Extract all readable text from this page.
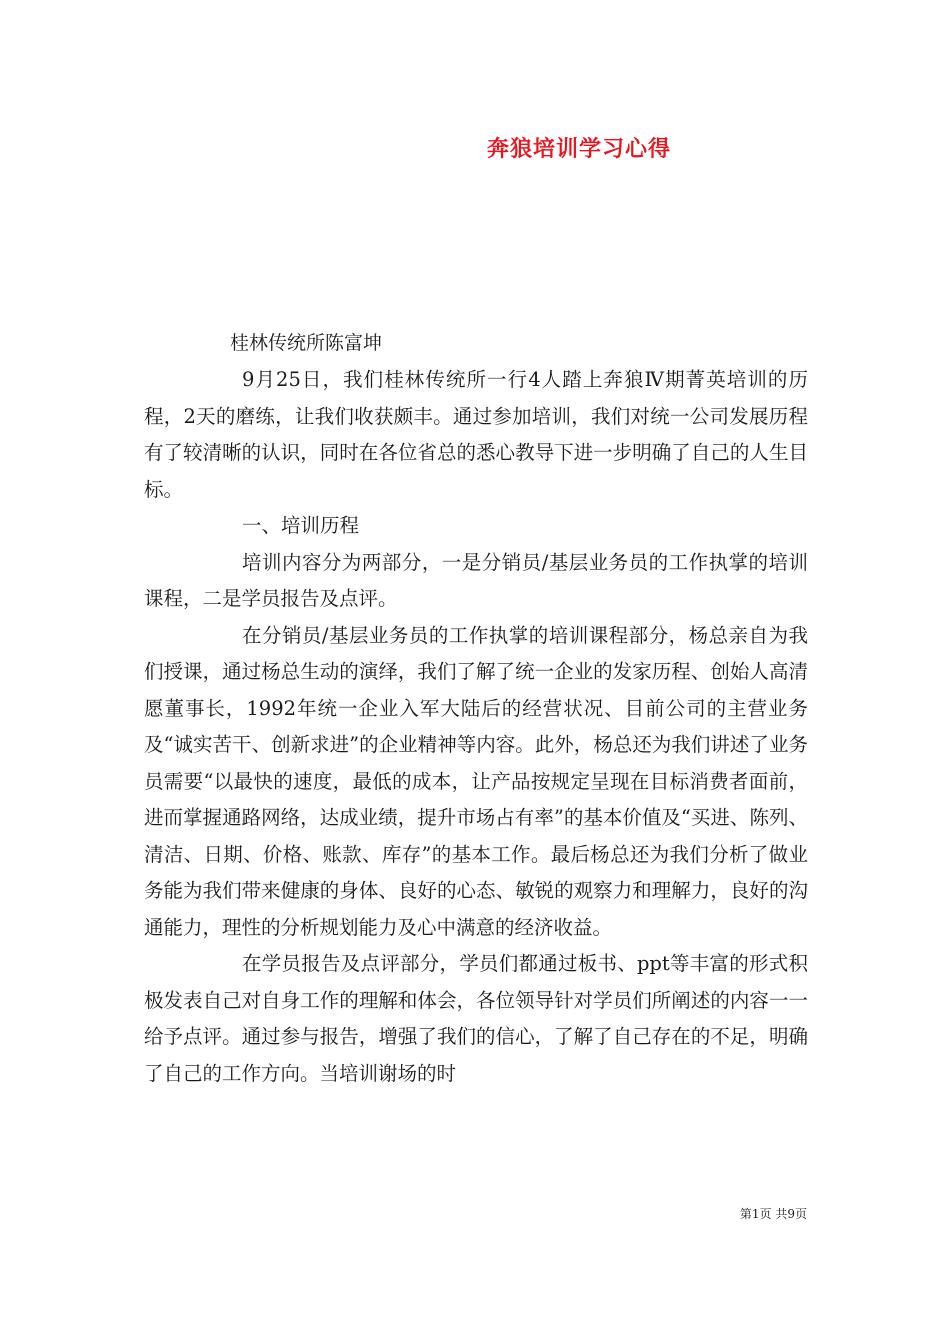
奔狼培训学习心得
桂林传统所陈富坤

9月25日，我们桂林传统所一行4人踏上奔狼Ⅳ期菁英培训的历程，2天的磨练，让我们收获颇丰。通过参加培训，我们对统一公司发展历程有了较清晰的认识，同时在各位省总的悉心教导下进一步明确了自己的人生目标。

一、培训历程

培训内容分为两部分，一是分销员/基层业务员的工作执掌的培训课程，二是学员报告及点评。

在分销员/基层业务员的工作执掌的培训课程部分，杨总亲自为我们授课，通过杨总生动的演绎，我们了解了统一企业的发家历程、创始人高清愿董事长，1992年统一企业入军大陆后的经营状况、目前公司的主营业务及“诚实苦干、创新求进”的企业精神等内容。此外，杨总还为我们讲述了业务员需要“以最快的速度，最低的成本，让产品按规定呈现在目标消费者面前，进而掌握通路网络，达成业绩，提升市场占有率”的基本价值及“买进、陈列、清洁、日期、价格、账款、库存”的基本工作。最后杨总还为我们分析了做业务能为我们带来健康的身体、良好的心态、敏锐的观察力和理解力，良好的沟通能力，理性的分析规划能力及心中满意的经济收益。

在学员报告及点评部分，学员们都通过板书、ppt等丰富的形式积极发表自己对自身工作的理解和体会，各位领导针对学员们所阐述的内容一一给予点评。通过参与报告，增强了我们的信心，了解了自己存在的不足，明确了自己的工作方向。当培训谢场的时

第1页 共9页
